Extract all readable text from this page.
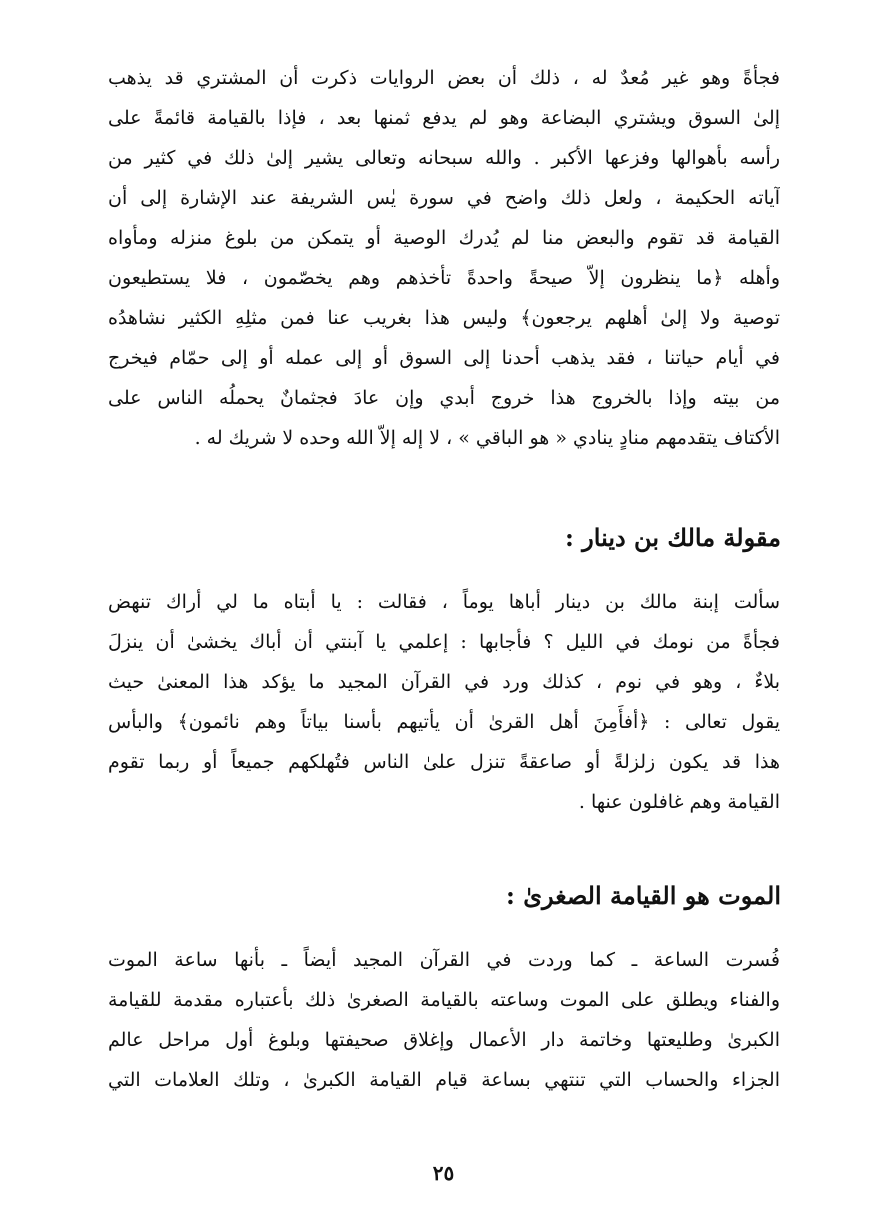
فجأةً وهو غير مُعدٌ له ، ذلك أن بعض الروايات ذكرت أن المشتري قد يذهب
إلىٰ السوق ويشتري البضاعة وهو لم يدفع ثمنها بعد ، فإذا بالقيامة قائمةً على
رأسه بأهوالها وفزعها الأكبر . والله سبحانه وتعالى يشير إلىٰ ذلك في كثير من
آياته الحكيمة ، ولعل ذلك واضح في سورة يٰس الشريفة عند الإشارة إلى أن
القيامة قد تقوم والبعض منا لم يُدرك الوصية أو يتمكن من بلوغ منزله ومأواه
وأهله ﴿ما ينظرون إلاّ صيحةً واحدةً تأخذهم وهم يخصّمون ، فلا يستطيعون
توصية ولا إلىٰ أهلهم يرجعون﴾ وليس هذا بغريب عنا فمن مثلِهِ الكثير نشاهدُه
في أيام حياتنا ، فقد يذهب أحدنا إلى السوق أو إلى عمله أو إلى حمّام فيخرج
من بيته وإذا بالخروج هذا خروج أبدي وإن عادَ فجثمانٌ يحملُه الناس على
الأكتاف يتقدمهم منادٍ ينادي « هو الباقي » ، لا إله إلاّ الله وحده لا شريك له .
مقولة مالك بن دينار :
سألت إبنة مالك بن دينار أباها يوماً ، فقالت : يا أبتاه ما لي أراك تنهض
فجأةً من نومك في الليل ؟ فأجابها : إعلمي يا آبنتي أن أباك يخشىٰ أن ينزلَ
بلاءٌ ، وهو في نوم ، كذلك ورد في القرآن المجيد ما يؤكد هذا المعنىٰ حيث
يقول تعالى : ﴿أفأَمِنَ أهل القرىٰ أن يأتيهم بأسنا بياتاً وهم نائمون﴾ والبأس
هذا قد يكون زلزلةً أو صاعقةً تنزل علىٰ الناس فتُهلكهم جميعاً أو ربما تقوم
القيامة وهم غافلون عنها .
الموت هو القيامة الصغرىٰ :
فُسرت الساعة ـ كما وردت في القرآن المجيد أيضاً ـ بأنها ساعة الموت
والفناء ويطلق على الموت وساعته بالقيامة الصغرىٰ ذلك بأعتباره مقدمة للقيامة
الكبرىٰ وطليعتها وخاتمة دار الأعمال وإغلاق صحيفتها وبلوغ أول مراحل عالم
الجزاء والحساب التي تنتهي بساعة قيام القيامة الكبرىٰ ، وتلك العلامات التي
٢٥
